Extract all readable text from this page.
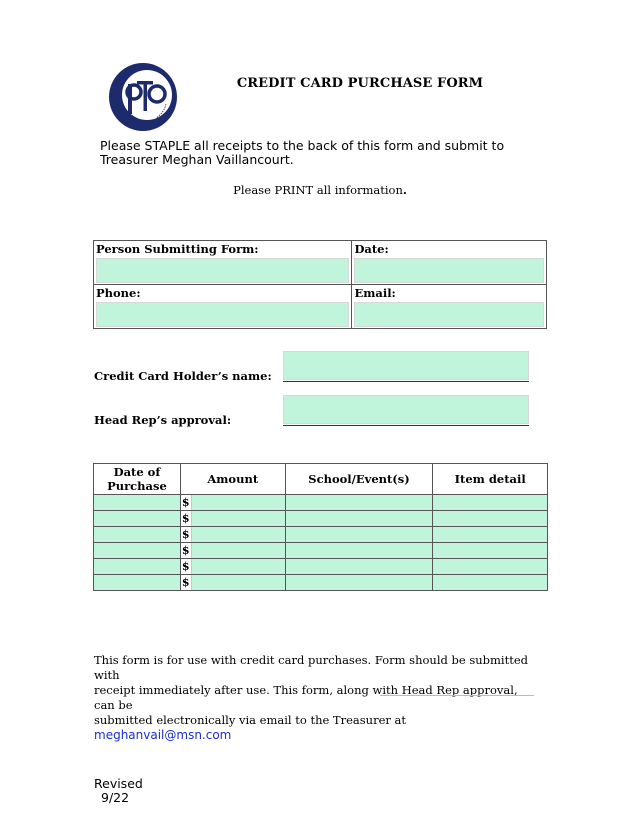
CREDIT CARD PURCHASE FORM
Please STAPLE all receipts to the back of this form and submit to
Treasurer Meghan Vaillancourt.
Please PRINT all information.
Person Submitting Form:	Date:

Phone:	Email:
Credit Card Holder’s name:
Head Rep’s approval:
Date of
Purchase	Amount	School/Event(s)	Item detail

	$		

	$		

	$		

	$		

	$		

	$		

This form is for use with credit card purchases. Form should be submitted with
receipt immediately after use. This form, along with Head Rep approval, can be
submitted electronically via email to the Treasurer at meghanvail@msn.com
Revised
9/22
